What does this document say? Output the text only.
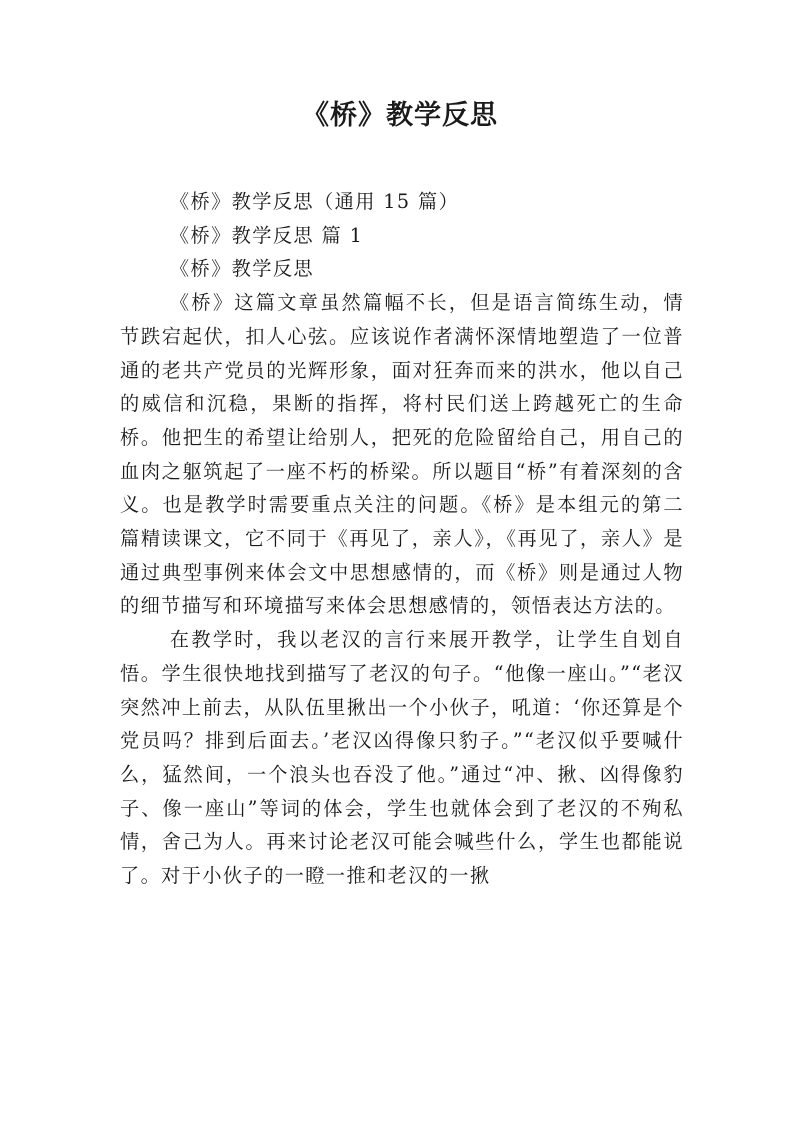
《桥》教学反思

《桥》教学反思（通用 15 篇）

《桥》教学反思 篇 1

《桥》教学反思

《桥》这篇文章虽然篇幅不长，但是语言简练生动，情节跌宕起伏，扣人心弦。应该说作者满怀深情地塑造了一位普通的老共产党员的光辉形象，面对狂奔而来的洪水，他以自己的威信和沉稳，果断的指挥，将村民们送上跨越死亡的生命桥。他把生的希望让给别人，把死的危险留给自己，用自己的血肉之躯筑起了一座不朽的桥梁。所以题目“桥”有着深刻的含义。也是教学时需要重点关注的问题。《桥》是本组元的第二篇精读课文，它不同于《再见了，亲人》，《再见了，亲人》是通过典型事例来体会文中思想感情的，而《桥》则是通过人物的细节描写和环境描写来体会思想感情的，领悟表达方法的。

在教学时，我以老汉的言行来展开教学，让学生自划自悟。学生很快地找到描写了老汉的句子。“他像一座山。”“老汉突然冲上前去，从队伍里揪出一个小伙子，吼道：‘你还算是个党员吗？排到后面去。’老汉凶得像只豹子。”“老汉似乎要喊什么，猛然间，一个浪头也吞没了他。”通过“冲、揪、凶得像豹子、像一座山”等词的体会，学生也就体会到了老汉的不殉私情，舍己为人。再来讨论老汉可能会喊些什么，学生也都能说了。对于小伙子的一瞪一推和老汉的一揪
